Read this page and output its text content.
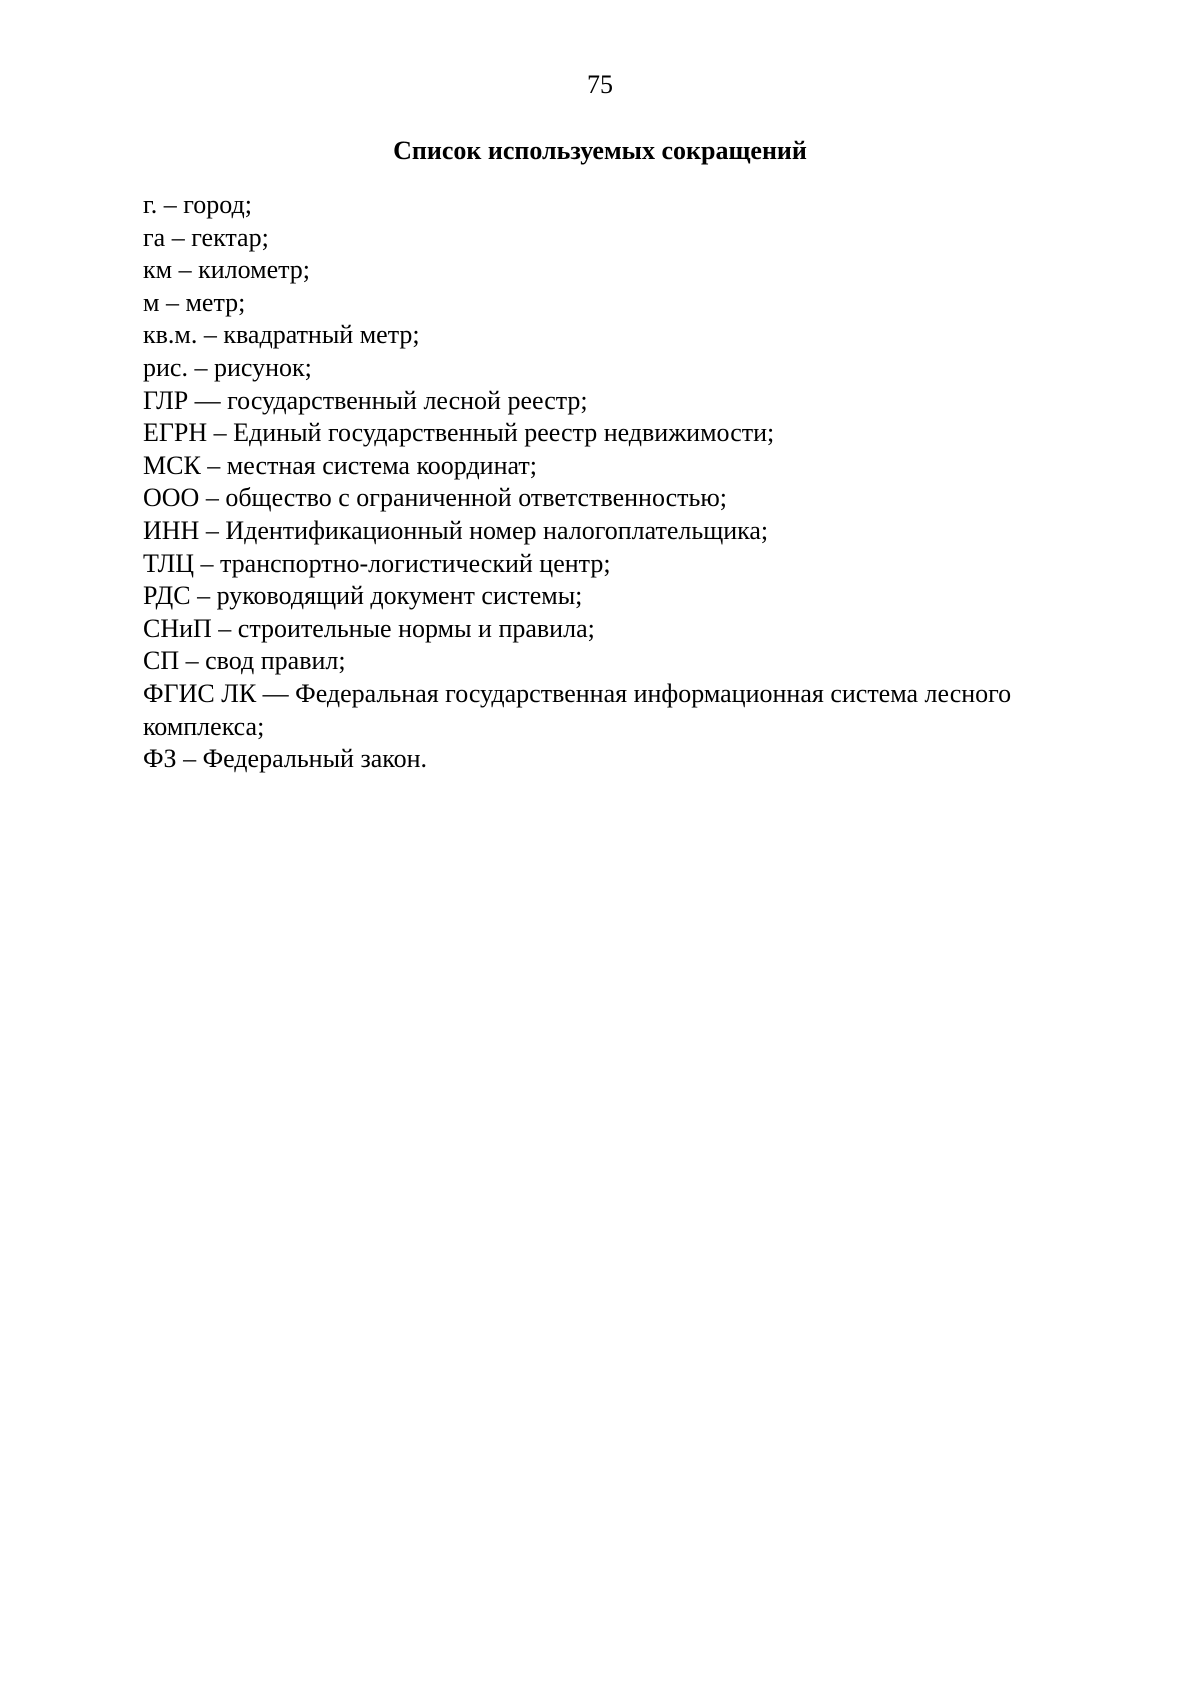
75

Список используемых сокращений
г. – город;
га – гектар;
км – километр;
м – метр;
кв.м. – квадратный метр;
рис. – рисунок;
ГЛР — государственный лесной реестр;
ЕГРН – Единый государственный реестр недвижимости;
МСК – местная система координат;
ООО – общество с ограниченной ответственностью;
ИНН – Идентификационный номер налогоплательщика;
ТЛЦ – транспортно-логистический центр;
РДС – руководящий документ системы;
СНиП – строительные нормы и правила;
СП – свод правил;
ФГИС ЛК — Федеральная государственная информационная система лесного комплекса;
ФЗ – Федеральный закон.
